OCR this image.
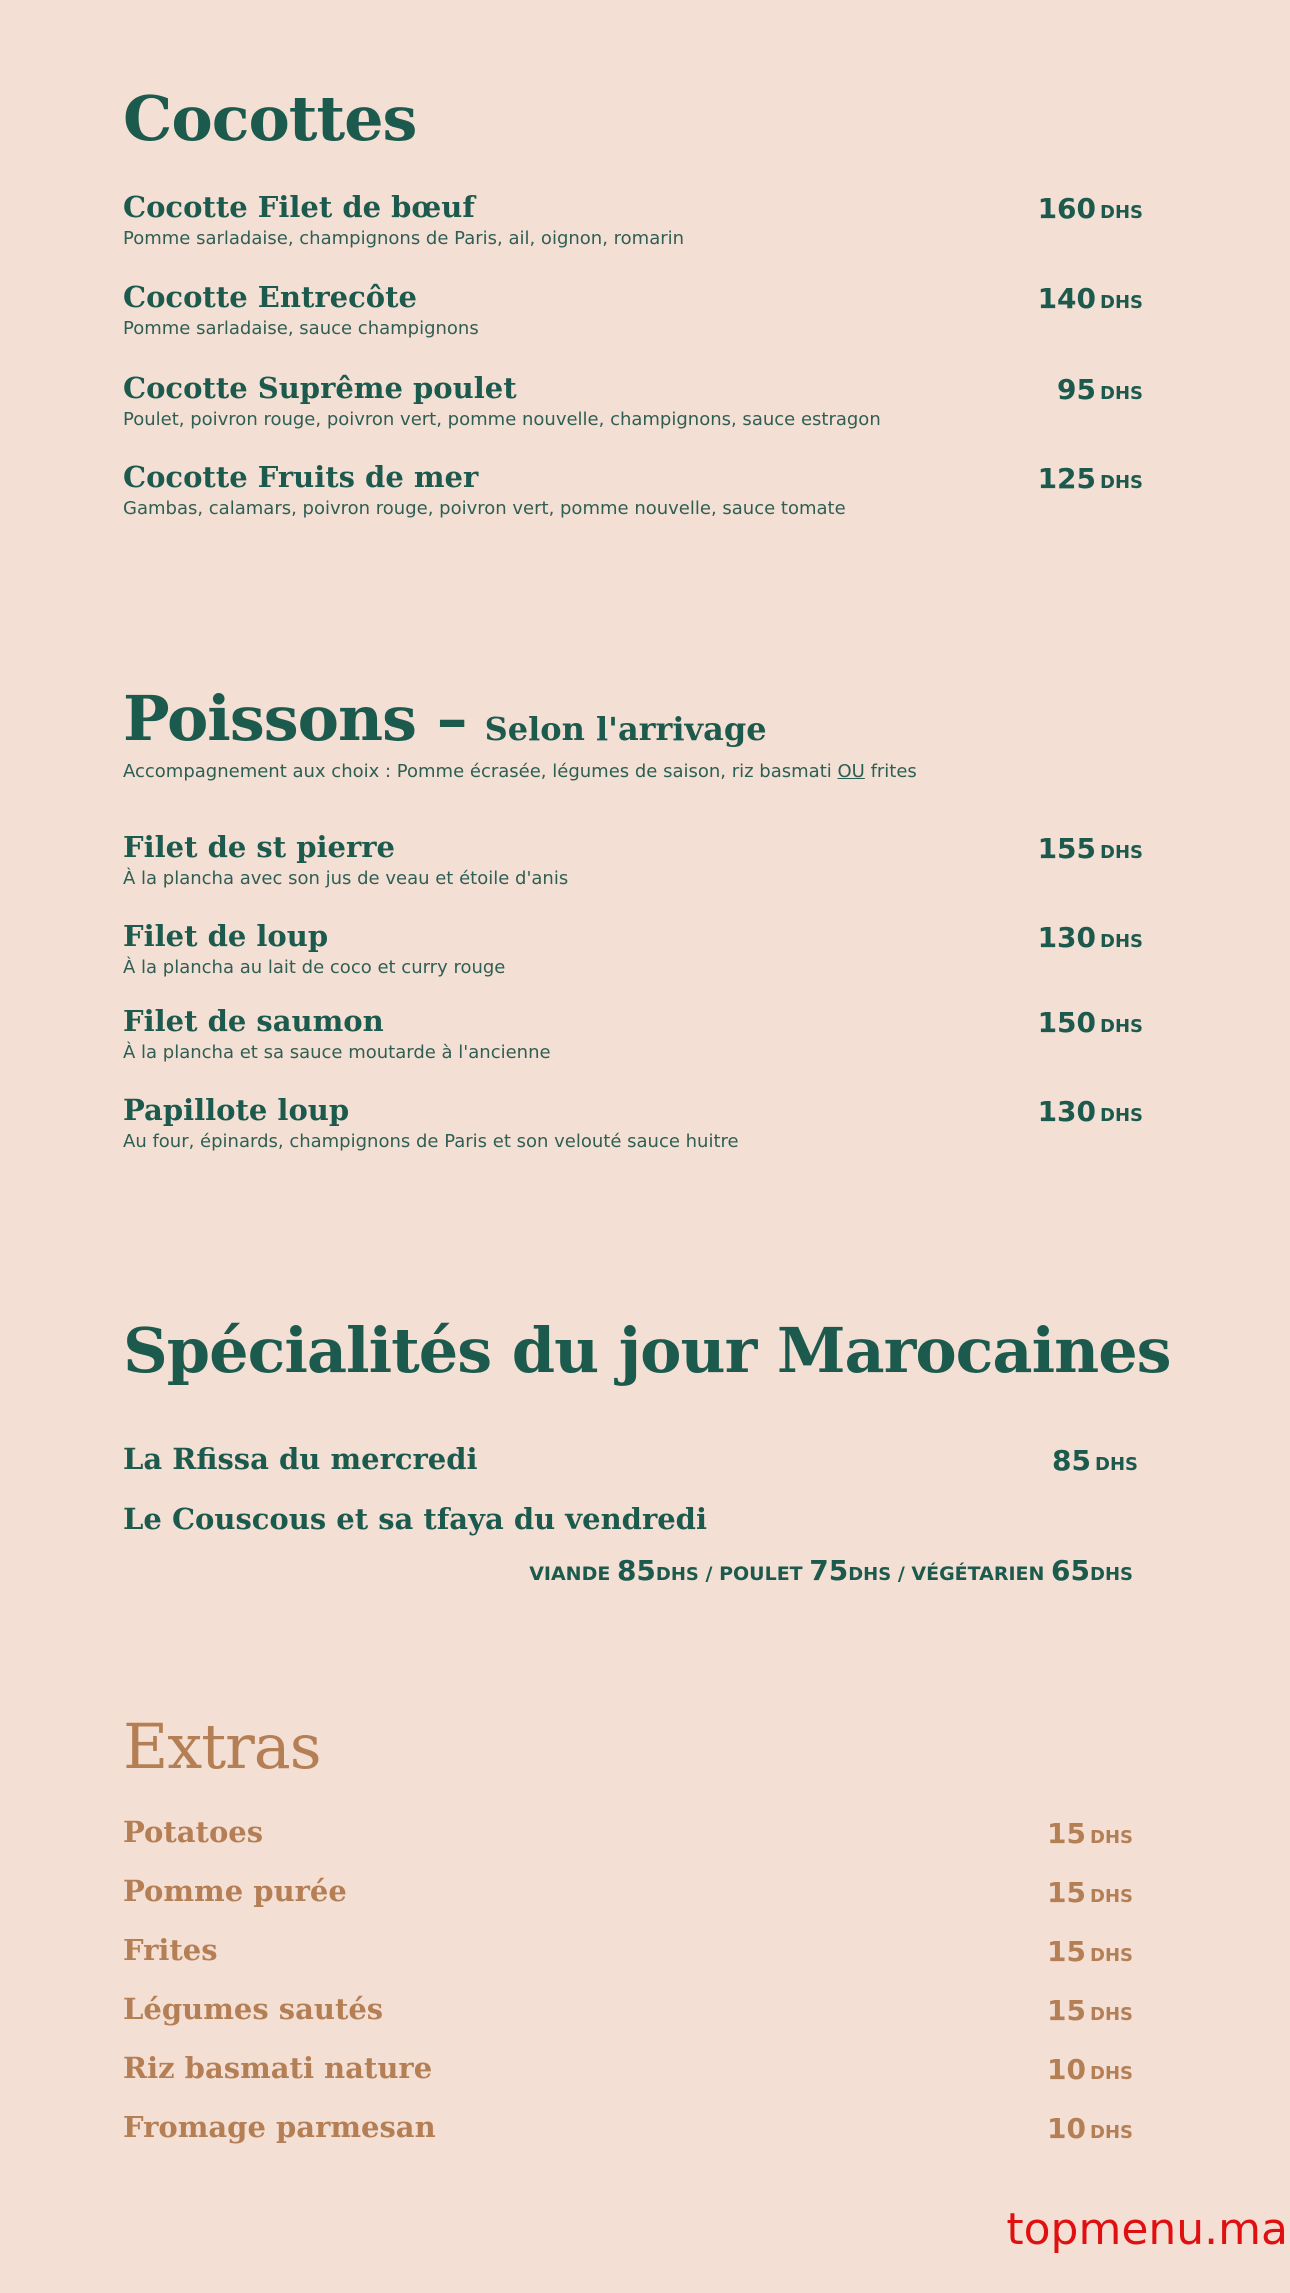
Cocottes
Cocotte Filet de bœuf
Pomme sarladaise, champignons de Paris, ail, oignon, romarin
160 DHS
Cocotte Entrecôte
Pomme sarladaise, sauce champignons
140 DHS
Cocotte Suprême poulet
Poulet, poivron rouge, poivron vert, pomme nouvelle, champignons, sauce estragon
95 DHS
Cocotte Fruits de mer
Gambas, calamars, poivron rouge, poivron vert, pomme nouvelle, sauce tomate
125 DHS
Poissons – Selon l'arrivage
Accompagnement aux choix : Pomme écrasée, légumes de saison, riz basmati OU frites
Filet de st pierre
À la plancha avec son jus de veau et étoile d'anis
155 DHS
Filet de loup
À la plancha au lait de coco et curry rouge
130 DHS
Filet de saumon
À la plancha et sa sauce moutarde à l'ancienne
150 DHS
Papillote loup
Au four, épinards, champignons de Paris et son velouté sauce huitre
130 DHS
Spécialités du jour Marocaines
La Rfissa du mercredi	85 DHS
Le Couscous et sa tfaya du vendredi
VIANDE 85DHS / POULET 75DHS / VÉGÉTARIEN 65DHS
Extras
Potatoes	15 DHS
Pomme purée	15 DHS
Frites	15 DHS
Légumes sautés	15 DHS
Riz basmati nature	10 DHS
Fromage parmesan	10 DHS
topmenu.ma
